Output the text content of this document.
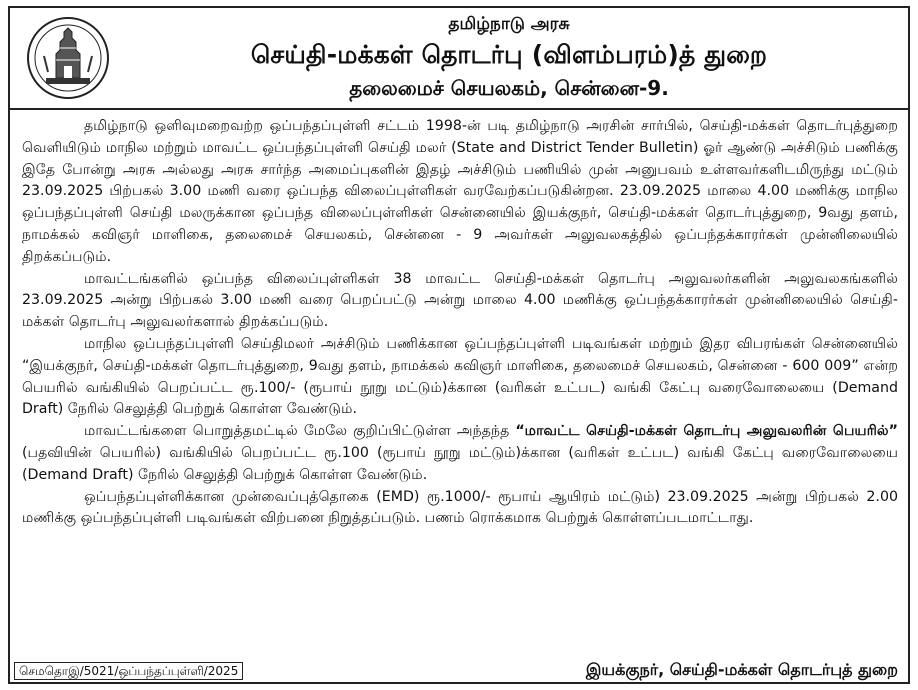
தமிழ்நாடு அரசு
செய்தி-மக்கள் தொடர்பு (விளம்பரம்)த் துறை
தலைமைச் செயலகம், சென்னை-9.

தமிழ்நாடு ஒளிவுமறைவற்ற ஒப்பந்தப்புள்ளி சட்டம் 1998-ன் படி தமிழ்நாடு அரசின் சார்பில், செய்தி-மக்கள் தொடர்புத்துறை வெளியிடும் மாநில மற்றும் மாவட்ட ஒப்பந்தப்புள்ளி செய்தி மலர் (State and District Tender Bulletin) ஓர் ஆண்டு அச்சிடும் பணிக்கு இதே போன்று அரசு அல்லது அரசு சார்ந்த அமைப்புகளின் இதழ் அச்சிடும் பணியில் முன் அனுபவம் உள்ளவர்களிடமிருந்து மட்டும் 23.09.2025 பிற்பகல் 3.00 மணி வரை ஒப்பந்த விலைப்புள்ளிகள் வரவேற்கப்படுகின்றன. 23.09.2025 மாலை 4.00 மணிக்கு மாநில ஒப்பந்தப்புள்ளி செய்தி மலருக்கான ஒப்பந்த விலைப்புள்ளிகள் சென்னையில் இயக்குநர், செய்தி-மக்கள் தொடர்புத்துறை, 9வது தளம், நாமக்கல் கவிஞர் மாளிகை, தலைமைச் செயலகம், சென்னை - 9 அவர்கள் அலுவலகத்தில் ஒப்பந்தக்காரர்கள் முன்னிலையில் திறக்கப்படும்.

மாவட்டங்களில் ஒப்பந்த விலைப்புள்ளிகள் 38 மாவட்ட செய்தி-மக்கள் தொடர்பு அலுவலர்களின் அலுவலகங்களில் 23.09.2025 அன்று பிற்பகல் 3.00 மணி வரை பெறப்பட்டு அன்று மாலை 4.00 மணிக்கு ஒப்பந்தக்காரர்கள் முன்னிலையில் செய்தி-மக்கள் தொடர்பு அலுவலர்களால் திறக்கப்படும்.

மாநில ஒப்பந்தப்புள்ளி செய்திமலர் அச்சிடும் பணிக்கான ஒப்பந்தப்புள்ளி படிவங்கள் மற்றும் இதர விபரங்கள் சென்னையில் “இயக்குநர், செய்தி-மக்கள் தொடர்புத்துறை, 9வது தளம், நாமக்கல் கவிஞர் மாளிகை, தலைமைச் செயலகம், சென்னை - 600 009” என்ற பெயரில் வங்கியில் பெறப்பட்ட ரூ.100/- (ரூபாய் நூறு மட்டும்)க்கான (வரிகள் உட்பட) வங்கி கேட்பு வரைவோலையை (Demand Draft) நேரில் செலுத்தி பெற்றுக் கொள்ள வேண்டும்.

மாவட்டங்களை பொறுத்தமட்டில் மேலே குறிப்பிட்டுள்ள அந்தந்த “மாவட்ட செய்தி-மக்கள் தொடர்பு அலுவலரின் பெயரில்” (பதவியின் பெயரில்) வங்கியில் பெறப்பட்ட ரூ.100 (ரூபாய் நூறு மட்டும்)க்கான (வரிகள் உட்பட) வங்கி கேட்பு வரைவோலையை (Demand Draft) நேரில் செலுத்தி பெற்றுக் கொள்ள வேண்டும்.

ஒப்பந்தப்புள்ளிக்கான முன்வைப்புத்தொகை (EMD) ரூ.1000/- ரூபாய் ஆயிரம் மட்டும்) 23.09.2025 அன்று பிற்பகல் 2.00 மணிக்கு ஒப்பந்தப்புள்ளி படிவங்கள் விற்பனை நிறுத்தப்படும். பணம் ரொக்கமாக பெற்றுக் கொள்ளப்படமாட்டாது.

செமதொஇ/5021/ஒப்பந்தப்புள்ளி/2025	இயக்குநர், செய்தி-மக்கள் தொடர்புத் துறை
